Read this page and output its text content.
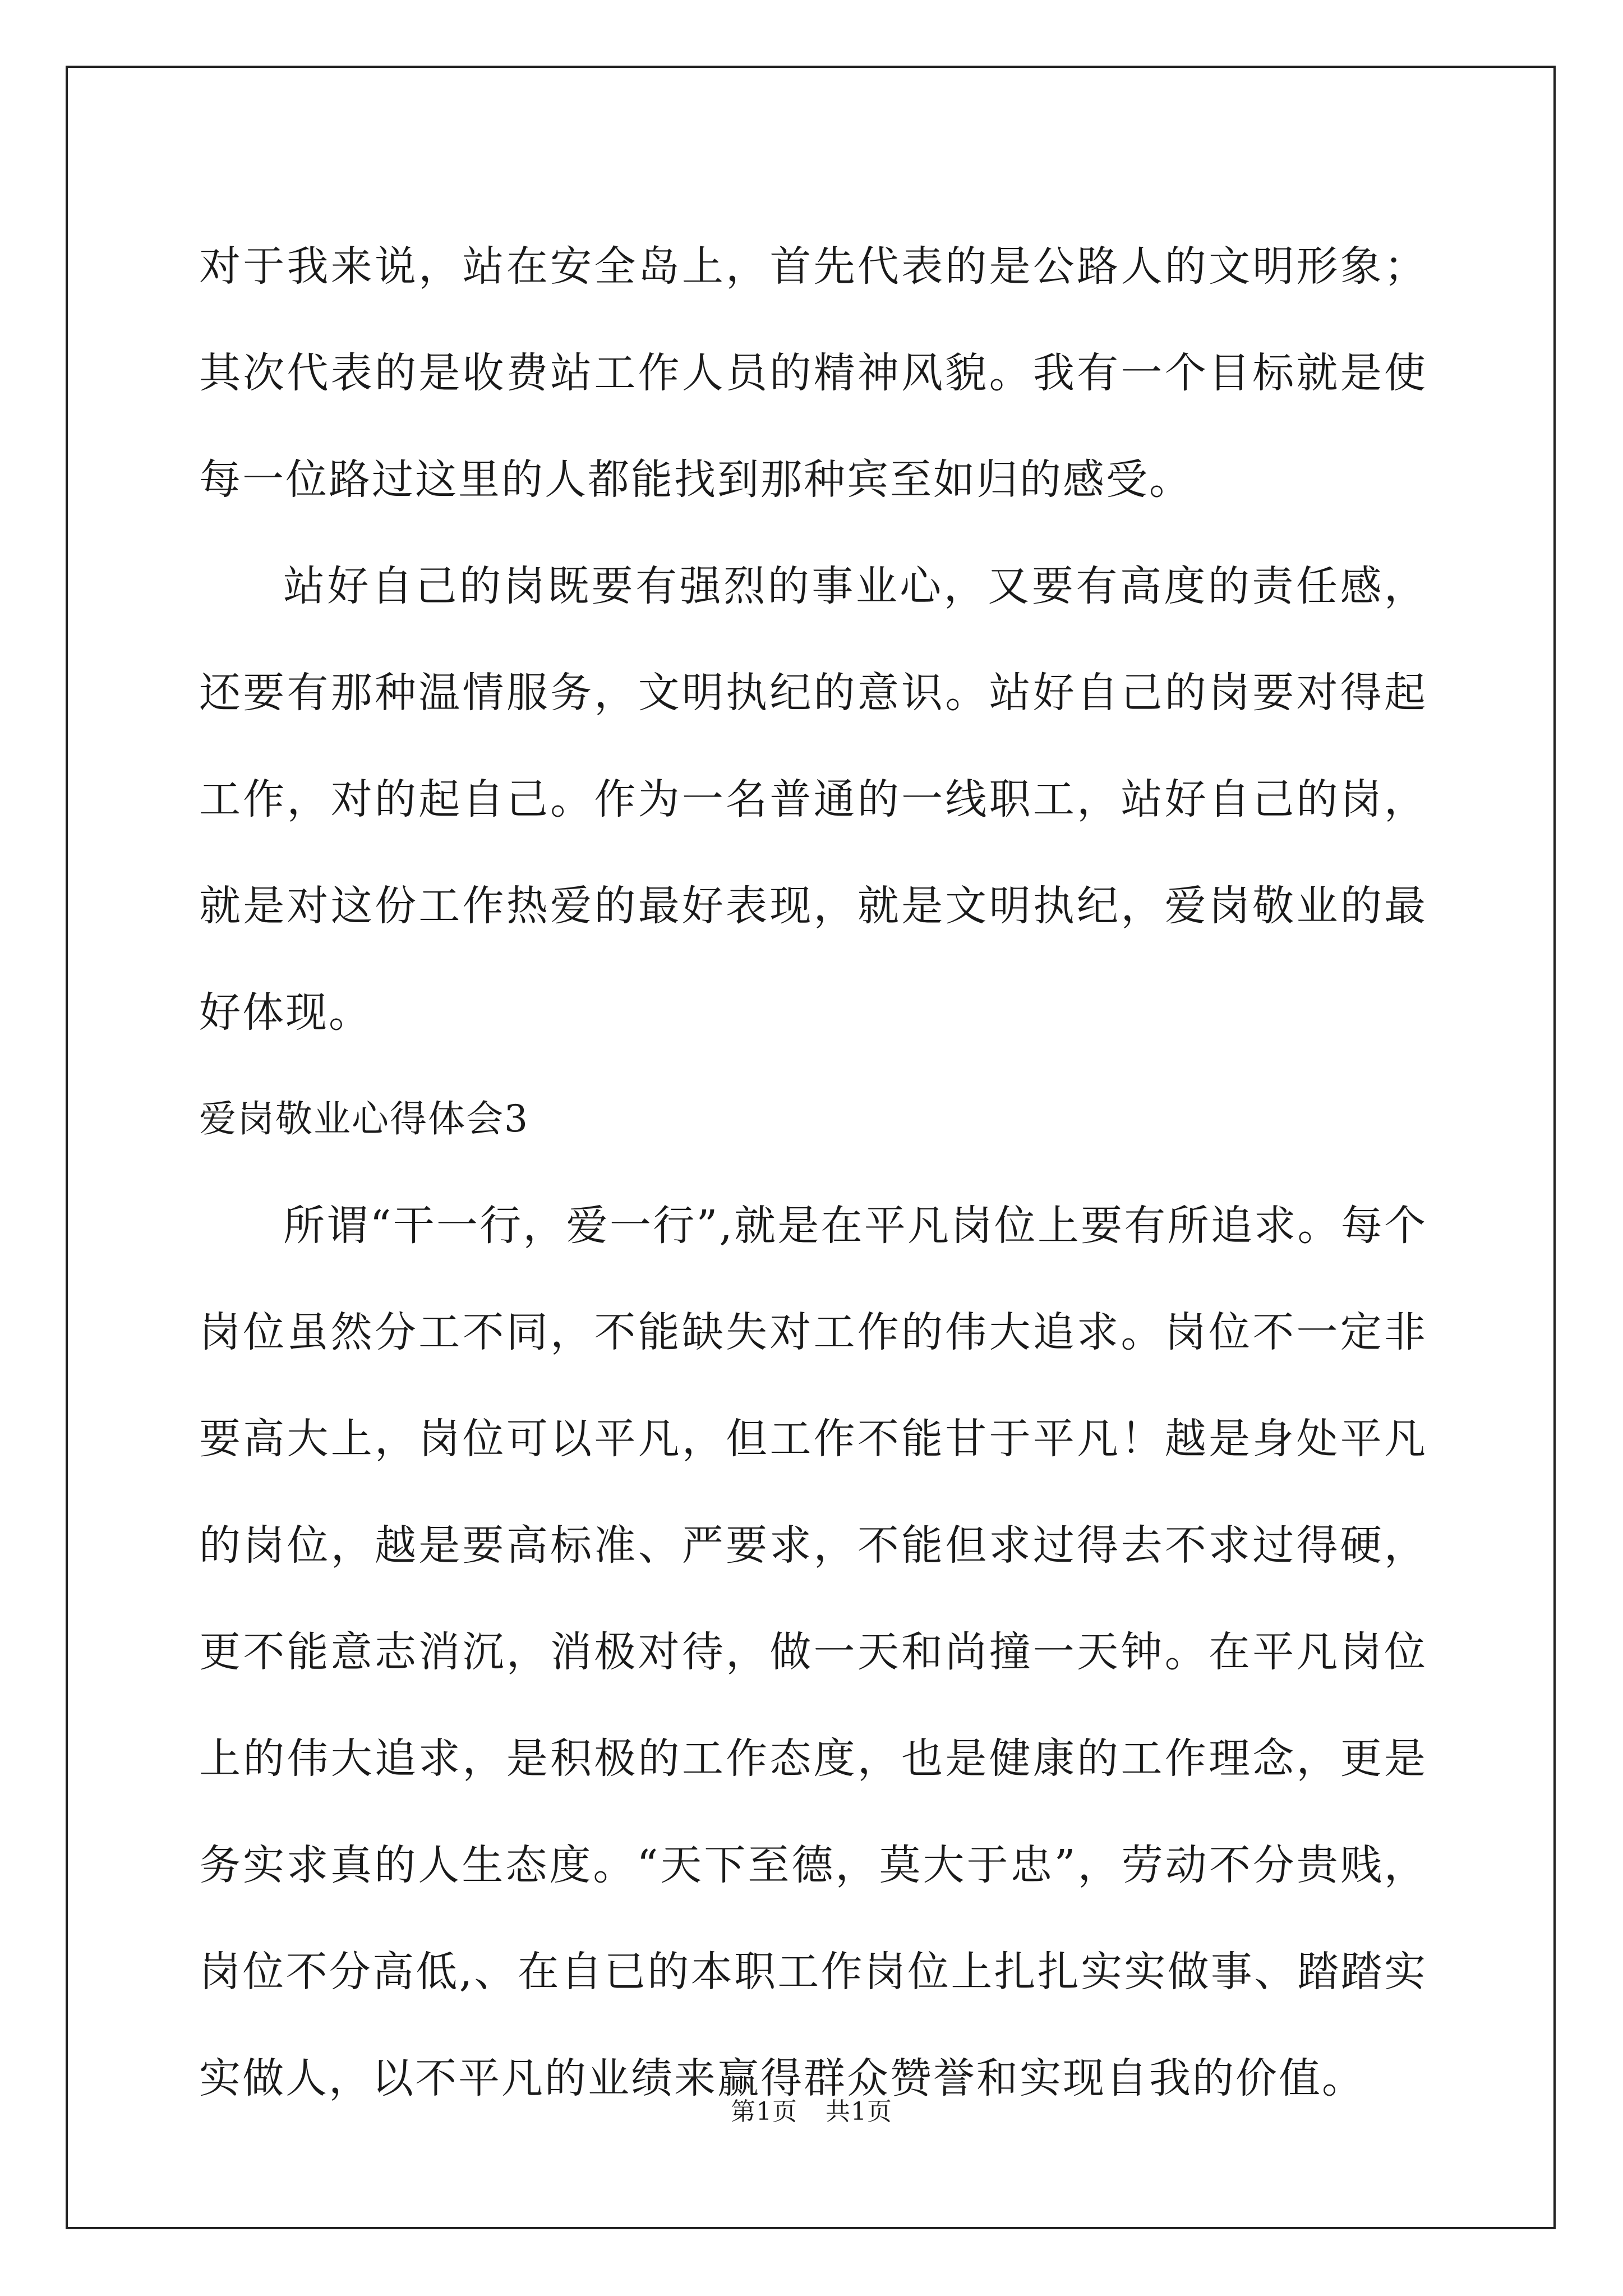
对于我来说，站在安全岛上，首先代表的是公路人的文明形象；其次代表的是收费站工作人员的精神风貌。我有一个目标就是使每一位路过这里的人都能找到那种宾至如归的感受。

站好自己的岗既要有强烈的事业心，又要有高度的责任感，还要有那种温情服务，文明执纪的意识。站好自己的岗要对得起工作，对的起自己。作为一名普通的一线职工，站好自己的岗，就是对这份工作热爱的最好表现，就是文明执纪，爱岗敬业的最好体现。

爱岗敬业心得体会3

所谓“干一行，爱一行”,就是在平凡岗位上要有所追求。每个岗位虽然分工不同，不能缺失对工作的伟大追求。岗位不一定非要高大上，岗位可以平凡，但工作不能甘于平凡！越是身处平凡的岗位，越是要高标准、严要求，不能但求过得去不求过得硬，更不能意志消沉，消极对待，做一天和尚撞一天钟。在平凡岗位上的伟大追求，是积极的工作态度，也是健康的工作理念，更是务实求真的人生态度。“天下至德，莫大于忠”，劳动不分贵贱，岗位不分高低,、在自已的本职工作岗位上扎扎实实做事、踏踏实实做人，以不平凡的业绩来赢得群众赞誉和实现自我的价值。

第1页 共1页
